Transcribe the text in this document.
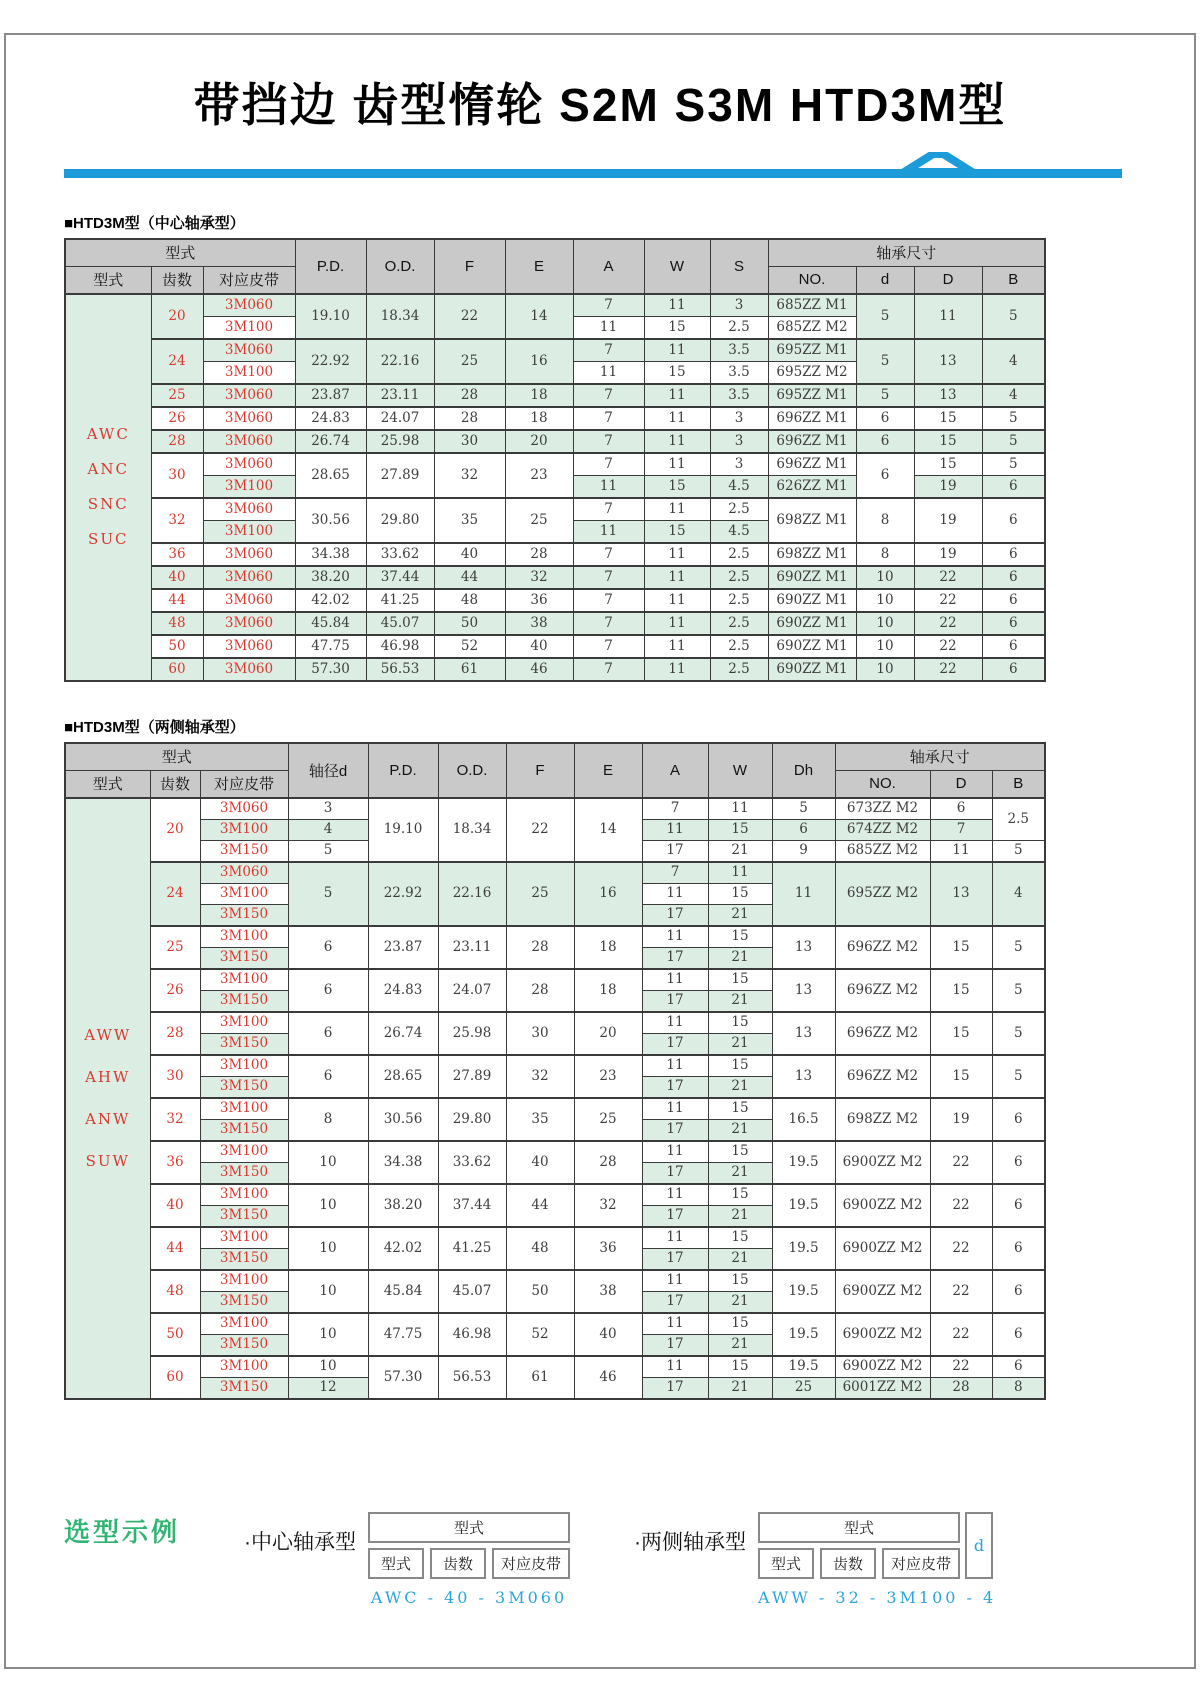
带挡边 齿型惰轮 S2M S3M HTD3M型
■HTD3M型（中心轴承型）
型式			P.D.	O.D.	F	E	A	W	S	轴承尺寸			
型式	齿数	对应皮带								NO.	d	D	B

AWC
ANC
SNC
SUC	20	3M060	19.10	18.34	22	14	7	11	3	685ZZ M1	5	11	5
		3M100					11	15	2.5	685ZZ M2			
	24	3M060	22.92	22.16	25	16	7	11	3.5	695ZZ M1	5	13	4
		3M100					11	15	3.5	695ZZ M2			
	25	3M060	23.87	23.11	28	18	7	11	3.5	695ZZ M1	5	13	4
	26	3M060	24.83	24.07	28	18	7	11	3	696ZZ M1	6	15	5
	28	3M060	26.74	25.98	30	20	7	11	3	696ZZ M1	6	15	5
	30	3M060	28.65	27.89	32	23	7	11	3	696ZZ M1	6	15	5
		3M100					11	15	4.5	626ZZ M1		19	6
	32	3M060	30.56	29.80	35	25	7	11	2.5	698ZZ M1	8	19	6
		3M100					11	15	4.5				
	36	3M060	34.38	33.62	40	28	7	11	2.5	698ZZ M1	8	19	6
	40	3M060	38.20	37.44	44	32	7	11	2.5	690ZZ M1	10	22	6
	44	3M060	42.02	41.25	48	36	7	11	2.5	690ZZ M1	10	22	6
	48	3M060	45.84	45.07	50	38	7	11	2.5	690ZZ M1	10	22	6
	50	3M060	47.75	46.98	52	40	7	11	2.5	690ZZ M1	10	22	6
	60	3M060	57.30	56.53	61	46	7	11	2.5	690ZZ M1	10	22	6
■HTD3M型（两侧轴承型）
型式			轴径d	P.D.	O.D.	F	E	A	W	Dh	轴承尺寸		
型式	齿数	对应皮带									NO.	D	B

AWW
AHW
ANW
SUW	20	3M060	3	19.10	18.34	22	14	7	11	5	673ZZ M2	6	2.5
		3M100	4					11	15	6	674ZZ M2	7	
		3M150	5					17	21	9	685ZZ M2	11	5
	24	3M060	5	22.92	22.16	25	16	7	11	11	695ZZ M2	13	4
		3M100						11	15				
		3M150						17	21				
	25	3M100	6	23.87	23.11	28	18	11	15	13	696ZZ M2	15	5
		3M150						17	21				
	26	3M100	6	24.83	24.07	28	18	11	15	13	696ZZ M2	15	5
		3M150						17	21				
	28	3M100	6	26.74	25.98	30	20	11	15	13	696ZZ M2	15	5
		3M150						17	21				
	30	3M100	6	28.65	27.89	32	23	11	15	13	696ZZ M2	15	5
		3M150						17	21				
	32	3M100	8	30.56	29.80	35	25	11	15	16.5	698ZZ M2	19	6
		3M150						17	21				
	36	3M100	10	34.38	33.62	40	28	11	15	19.5	6900ZZ M2	22	6
		3M150						17	21				
	40	3M100	10	38.20	37.44	44	32	11	15	19.5	6900ZZ M2	22	6
		3M150						17	21				
	44	3M100	10	42.02	41.25	48	36	11	15	19.5	6900ZZ M2	22	6
		3M150						17	21				
	48	3M100	10	45.84	45.07	50	38	11	15	19.5	6900ZZ M2	22	6
		3M150						17	21				
	50	3M100	10	47.75	46.98	52	40	11	15	19.5	6900ZZ M2	22	6
		3M150						17	21				
	60	3M100	10	57.30	56.53	61	46	11	15	19.5	6900ZZ M2	22	6
		3M150	12					17	21	25	6001ZZ M2	28	8
选型示例	·中心轴承型
型式
型式	齿数	对应皮带
AWC - 40 - 3M060
·两侧轴承型
型式
型式	齿数	对应皮带
d
AWW - 32 - 3M100 - 4
